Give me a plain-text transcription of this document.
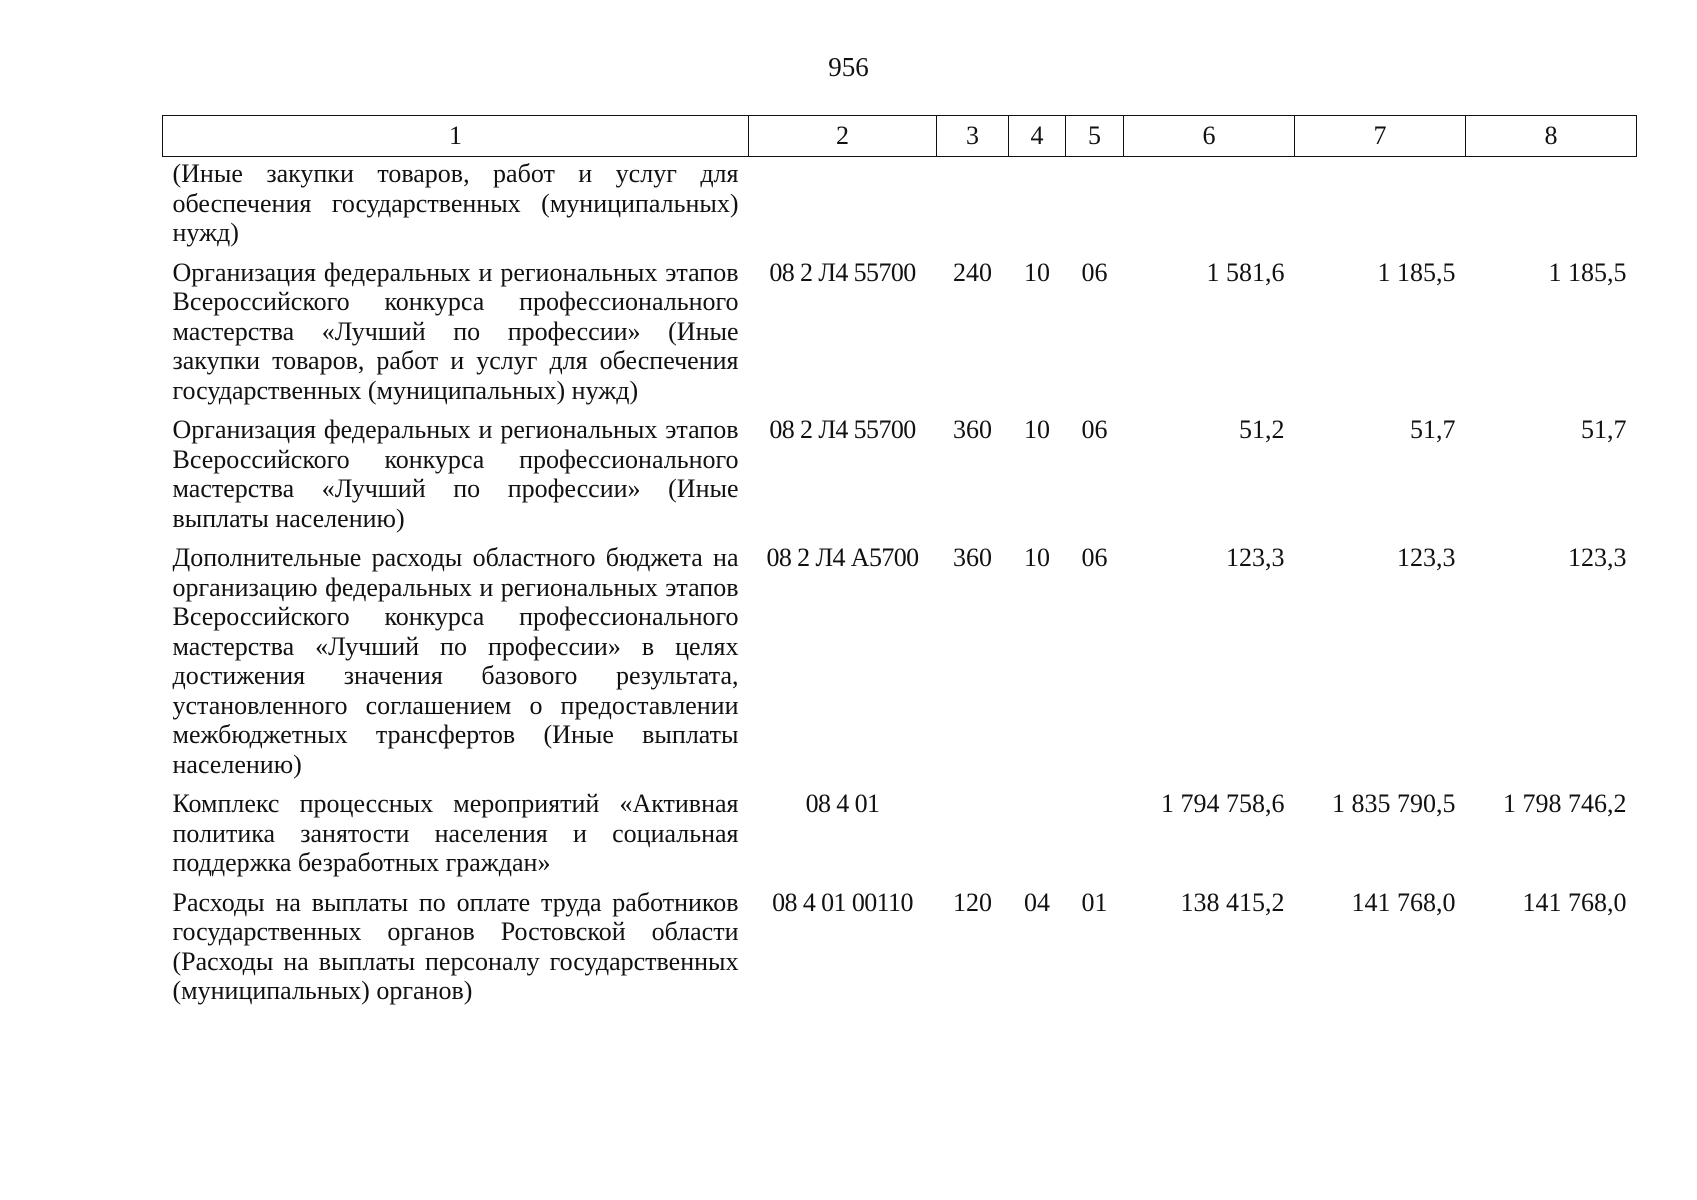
956
1	2	3	4	5	6	7	8
(Иные закупки товаров, работ и услуг для обеспечения государственных (муниципальных) нужд)							
Организация федеральных и региональных этапов Всероссийского конкурса профессионального мастерства «Лучший по профессии» (Иные закупки товаров, работ и услуг для обеспечения государственных (муниципальных) нужд)	08 2 Л4 55700	240	10	06	1 581,6	1 185,5	1 185,5
Организация федеральных и региональных этапов Всероссийского конкурса профессионального мастерства «Лучший по профессии» (Иные выплаты населению)	08 2 Л4 55700	360	10	06	51,2	51,7	51,7
Дополнительные расходы областного бюджета на организацию федеральных и региональных этапов Всероссийского конкурса профессионального мастерства «Лучший по профессии» в целях достижения значения базового результата, установленного соглашением о предоставлении межбюджетных трансфертов (Иные выплаты населению)	08 2 Л4 А5700	360	10	06	123,3	123,3	123,3
Комплекс процессных мероприятий «Активная политика занятости населения и социальная поддержка безработных граждан»	08 4 01				1 794 758,6	1 835 790,5	1 798 746,2
Расходы на выплаты по оплате труда работников государственных органов Ростовской области (Расходы на выплаты персоналу государственных (муниципальных) органов)	08 4 01 00110	120	04	01	138 415,2	141 768,0	141 768,0
